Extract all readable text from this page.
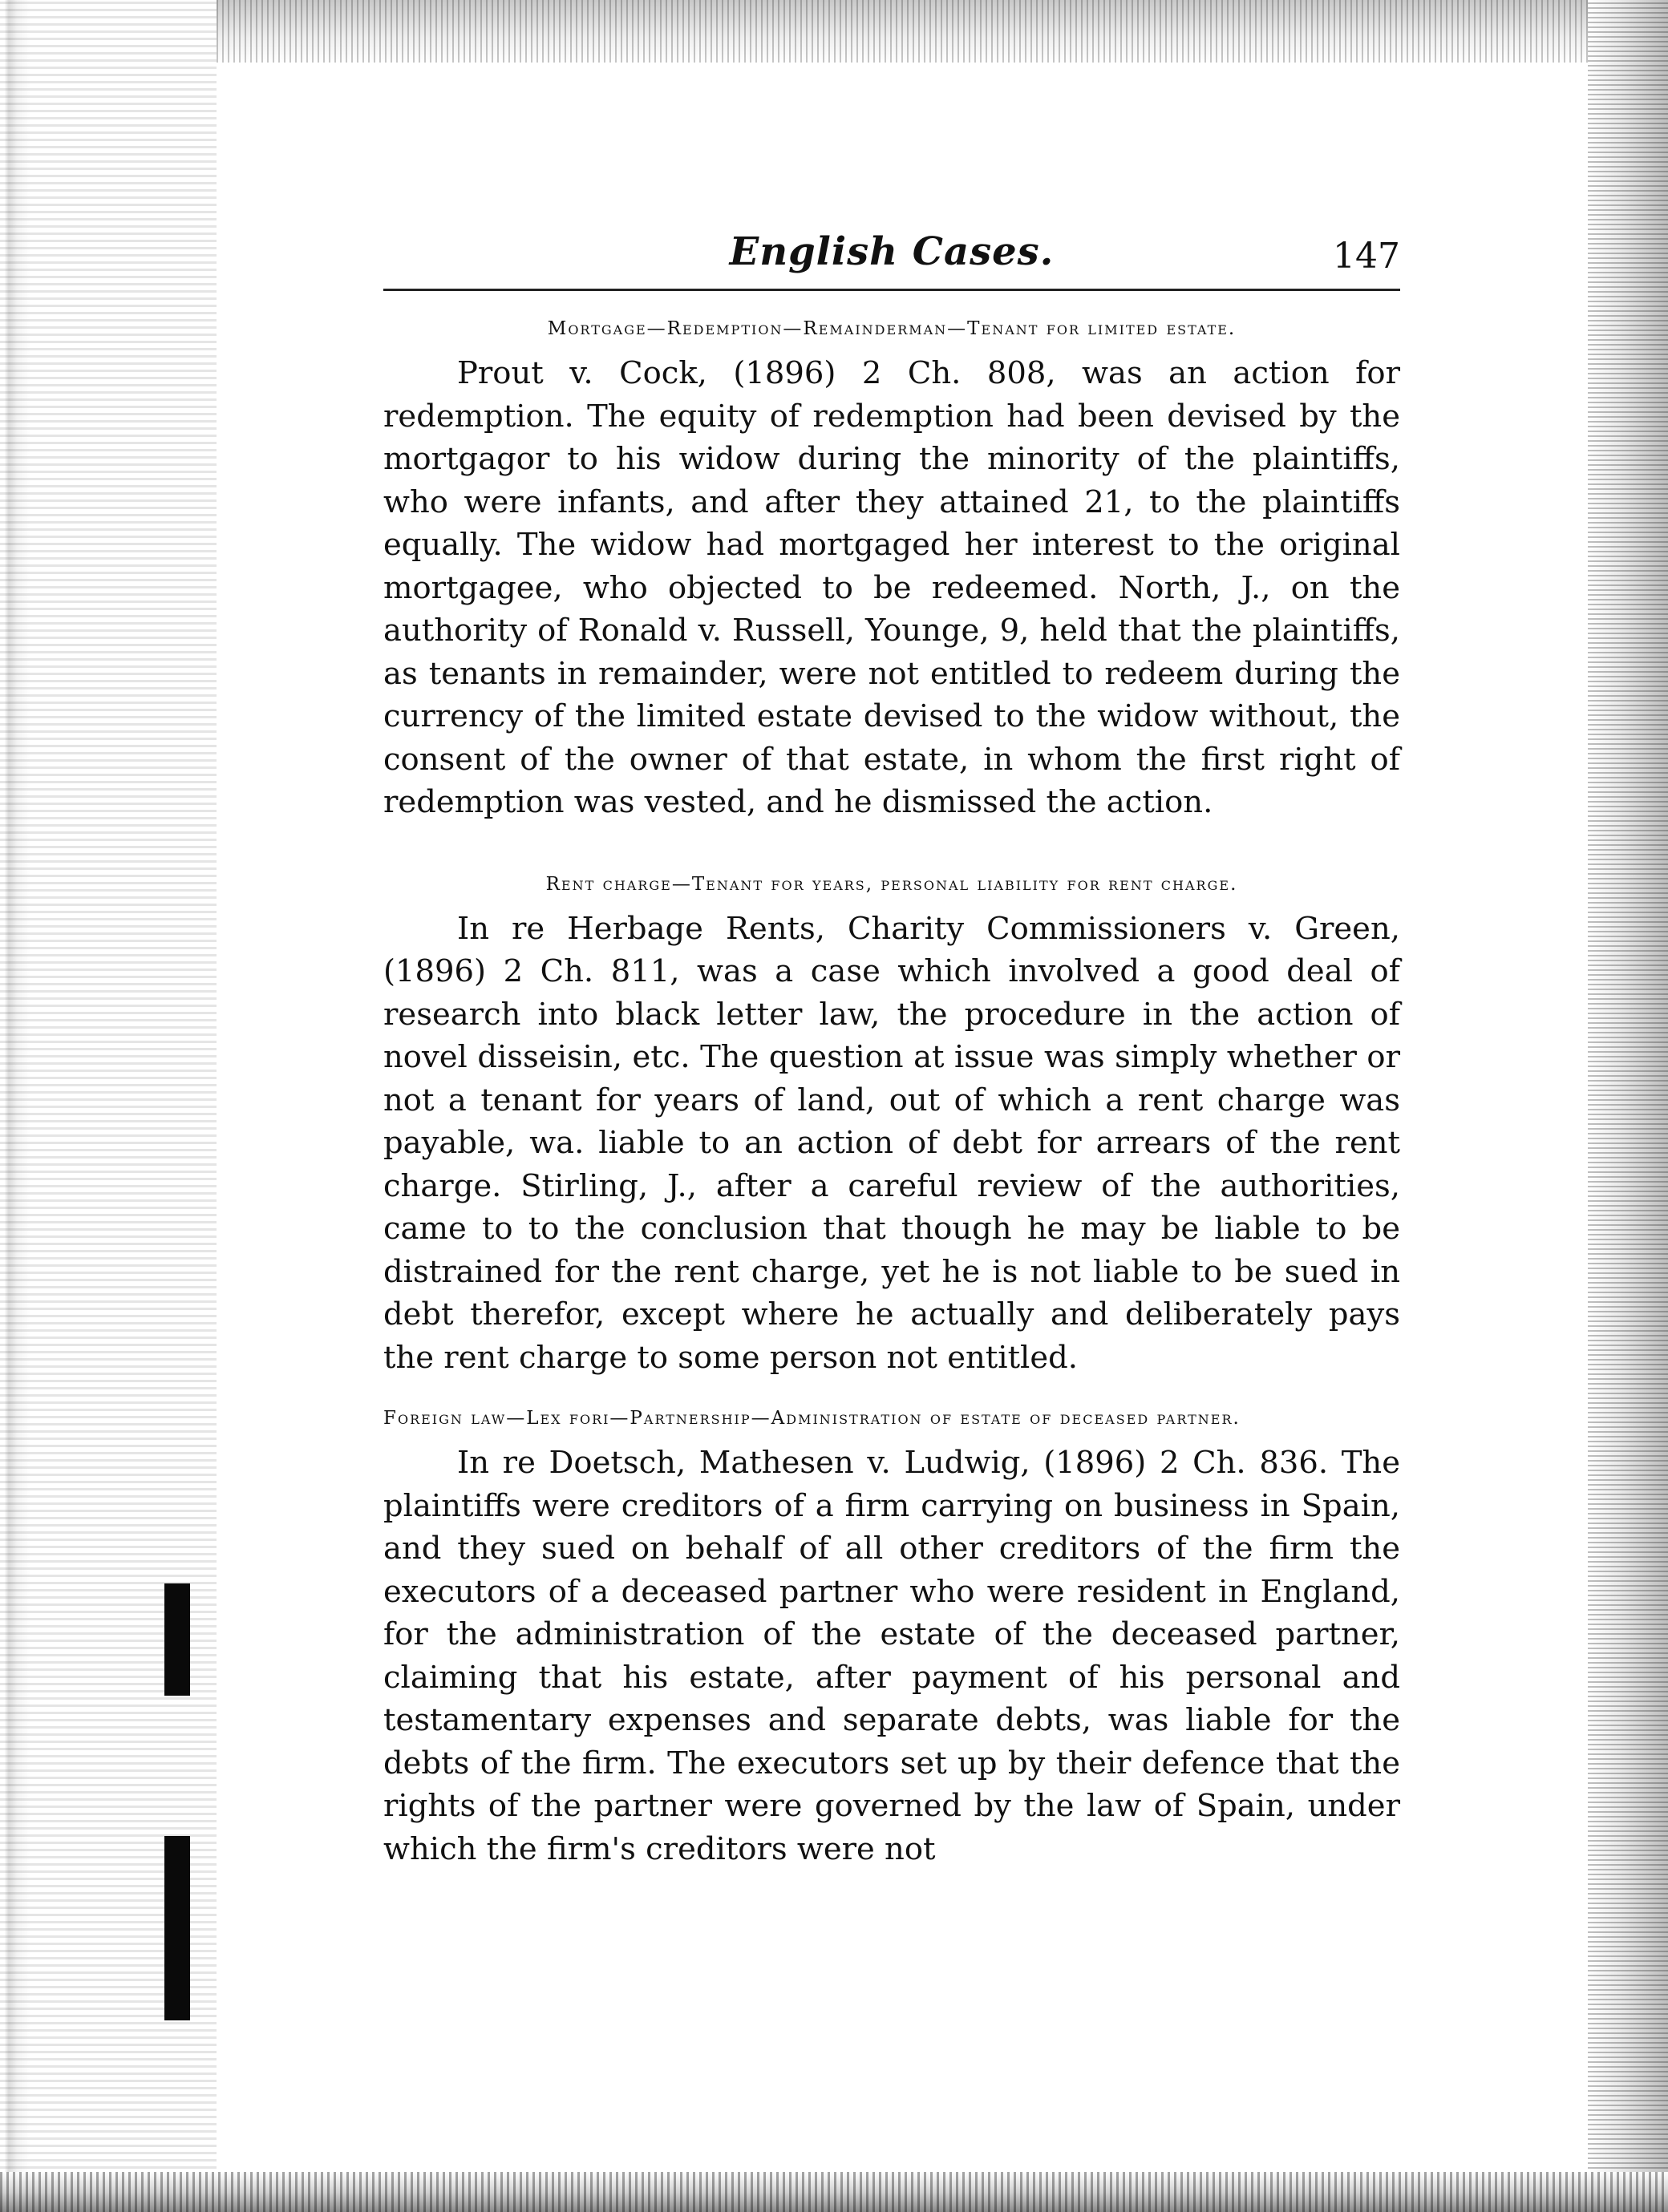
English Cases.	147
Mortgage—Redemption—Remainderman—Tenant for limited estate.

Prout v. Cock, (1896) 2 Ch. 808, was an action for redemption. The equity of redemption had been devised by the mortgagor to his widow during the minority of the plaintiffs, who were infants, and after they attained 21, to the plaintiffs equally. The widow had mortgaged her interest to the original mortgagee, who objected to be redeemed. North, J., on the authority of Ronald v. Russell, Younge, 9, held that the plaintiffs, as tenants in remainder, were not entitled to redeem during the currency of the limited estate devised to the widow without, the consent of the owner of that estate, in whom the first right of redemption was vested, and he dismissed the action.

Rent charge—Tenant for years, personal liability for rent charge.

In re Herbage Rents, Charity Commissioners v. Green, (1896) 2 Ch. 811, was a case which involved a good deal of research into black letter law, the procedure in the action of novel disseisin, etc. The question at issue was simply whether or not a tenant for years of land, out of which a rent charge was payable, wa. liable to an action of debt for arrears of the rent charge. Stirling, J., after a careful review of the authorities, came to to the conclusion that though he may be liable to be distrained for the rent charge, yet he is not liable to be sued in debt therefor, except where he actually and deliberately pays the rent charge to some person not entitled.

Foreign law—Lex fori—Partnership—Administration of estate of deceased partner.

In re Doetsch, Mathesen v. Ludwig, (1896) 2 Ch. 836. The plaintiffs were creditors of a firm carrying on business in Spain, and they sued on behalf of all other creditors of the firm the executors of a deceased partner who were resident in England, for the administration of the estate of the deceased partner, claiming that his estate, after payment of his personal and testamentary expenses and separate debts, was liable for the debts of the firm. The executors set up by their defence that the rights of the partner were governed by the law of Spain, under which the firm's creditors were not
